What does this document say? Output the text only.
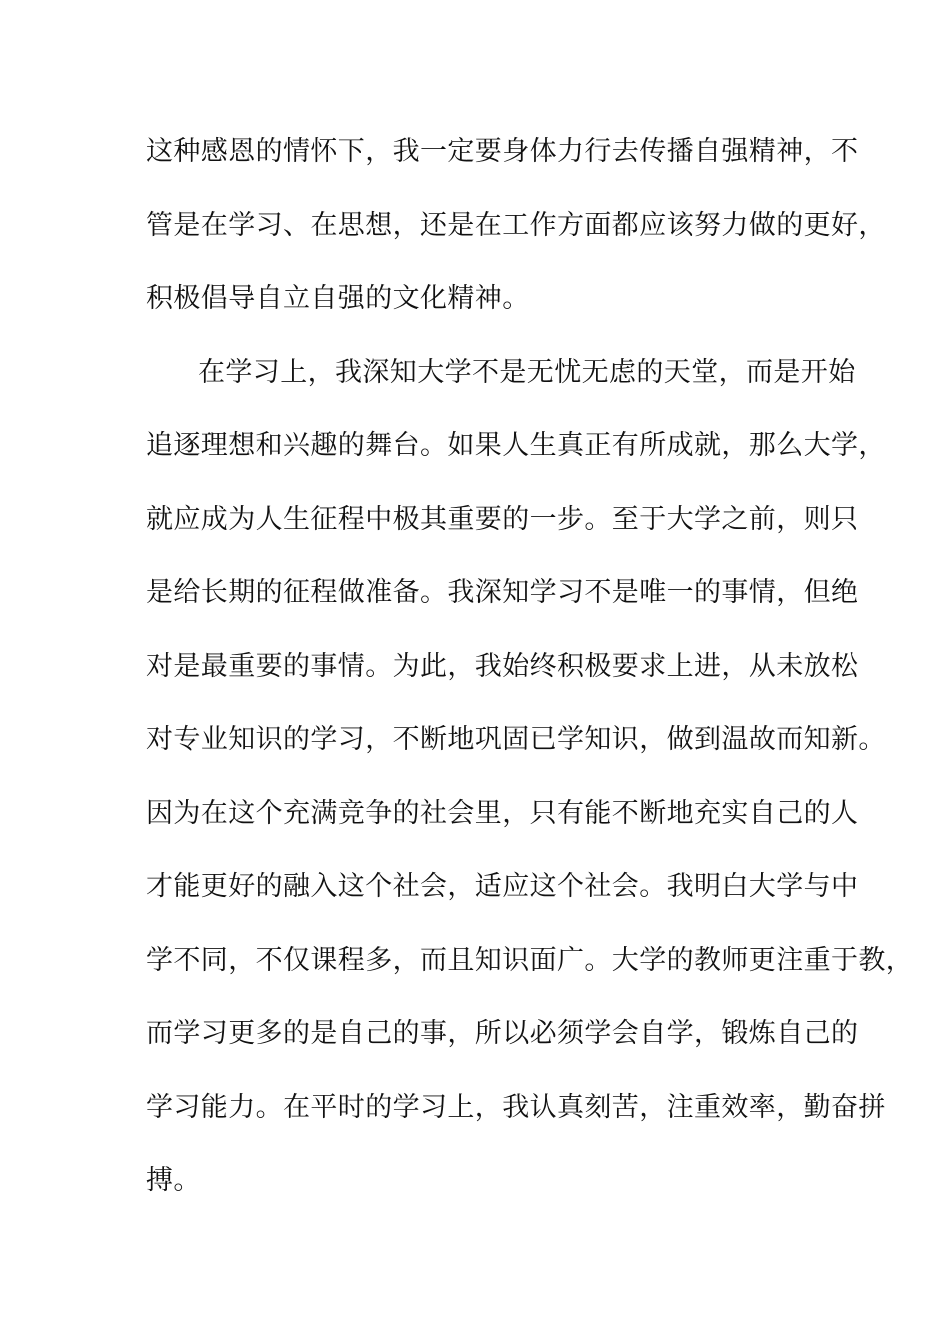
这种感恩的情怀下，我一定要身体力行去传播自强精神，不
管是在学习、在思想，还是在工作方面都应该努力做的更好，
积极倡导自立自强的文化精神。
在学习上，我深知大学不是无忧无虑的天堂，而是开始
追逐理想和兴趣的舞台。如果人生真正有所成就，那么大学，
就应成为人生征程中极其重要的一步。至于大学之前，则只
是给长期的征程做准备。我深知学习不是唯一的事情，但绝
对是最重要的事情。为此，我始终积极要求上进，从未放松
对专业知识的学习，不断地巩固已学知识，做到温故而知新。
因为在这个充满竞争的社会里，只有能不断地充实自己的人
才能更好的融入这个社会，适应这个社会。我明白大学与中
学不同，不仅课程多，而且知识面广。大学的教师更注重于教，
而学习更多的是自己的事，所以必须学会自学，锻炼自己的
学习能力。在平时的学习上，我认真刻苦，注重效率，勤奋拼
搏。
